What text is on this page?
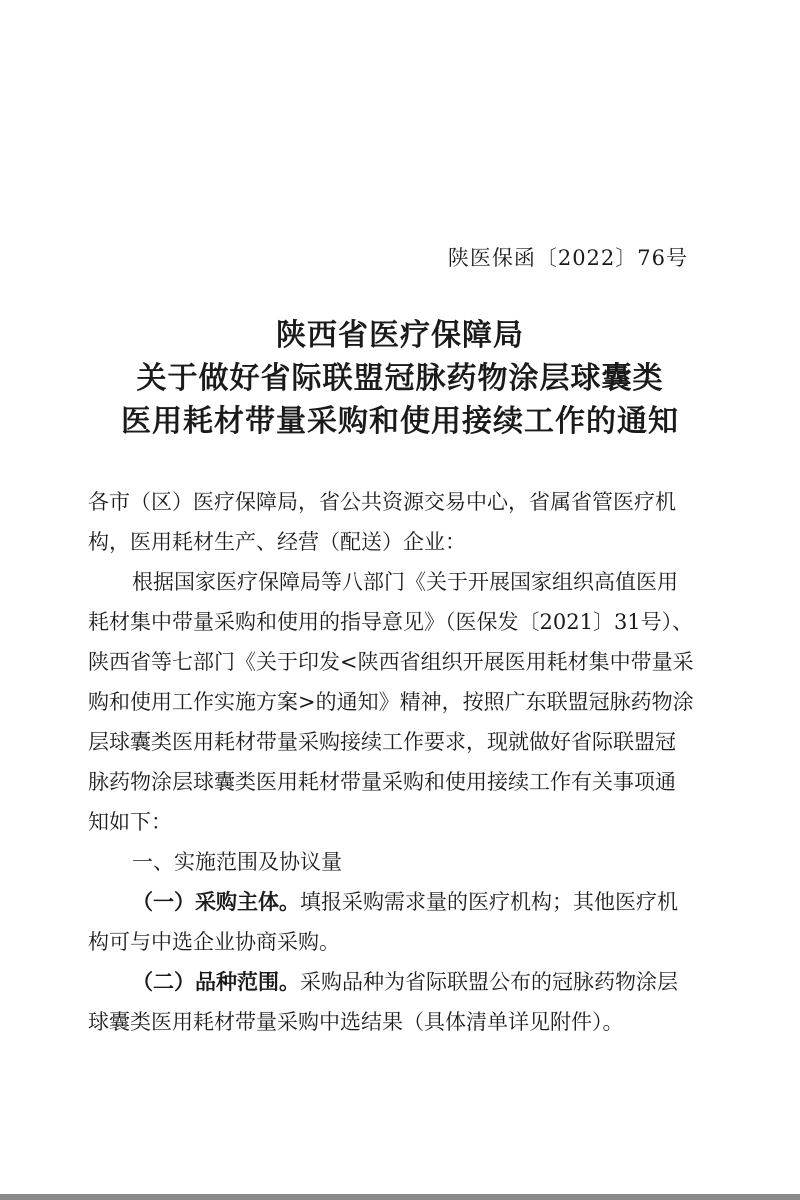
陕医保函〔2022〕76号
陕西省医疗保障局
关于做好省际联盟冠脉药物涂层球囊类
医用耗材带量采购和使用接续工作的通知
各市（区）医疗保障局，省公共资源交易中心，省属省管医疗机
构，医用耗材生产、经营（配送）企业：
根据国家医疗保障局等八部门《关于开展国家组织高值医用
耗材集中带量采购和使用的指导意见》（医保发〔2021〕31号）、
陕西省等七部门《关于印发<陕西省组织开展医用耗材集中带量采
购和使用工作实施方案>的通知》精神，按照广东联盟冠脉药物涂
层球囊类医用耗材带量采购接续工作要求，现就做好省际联盟冠
脉药物涂层球囊类医用耗材带量采购和使用接续工作有关事项通
知如下：
一、实施范围及协议量
（一）采购主体。填报采购需求量的医疗机构；其他医疗机
构可与中选企业协商采购。
（二）品种范围。采购品种为省际联盟公布的冠脉药物涂层
球囊类医用耗材带量采购中选结果（具体清单详见附件）。
